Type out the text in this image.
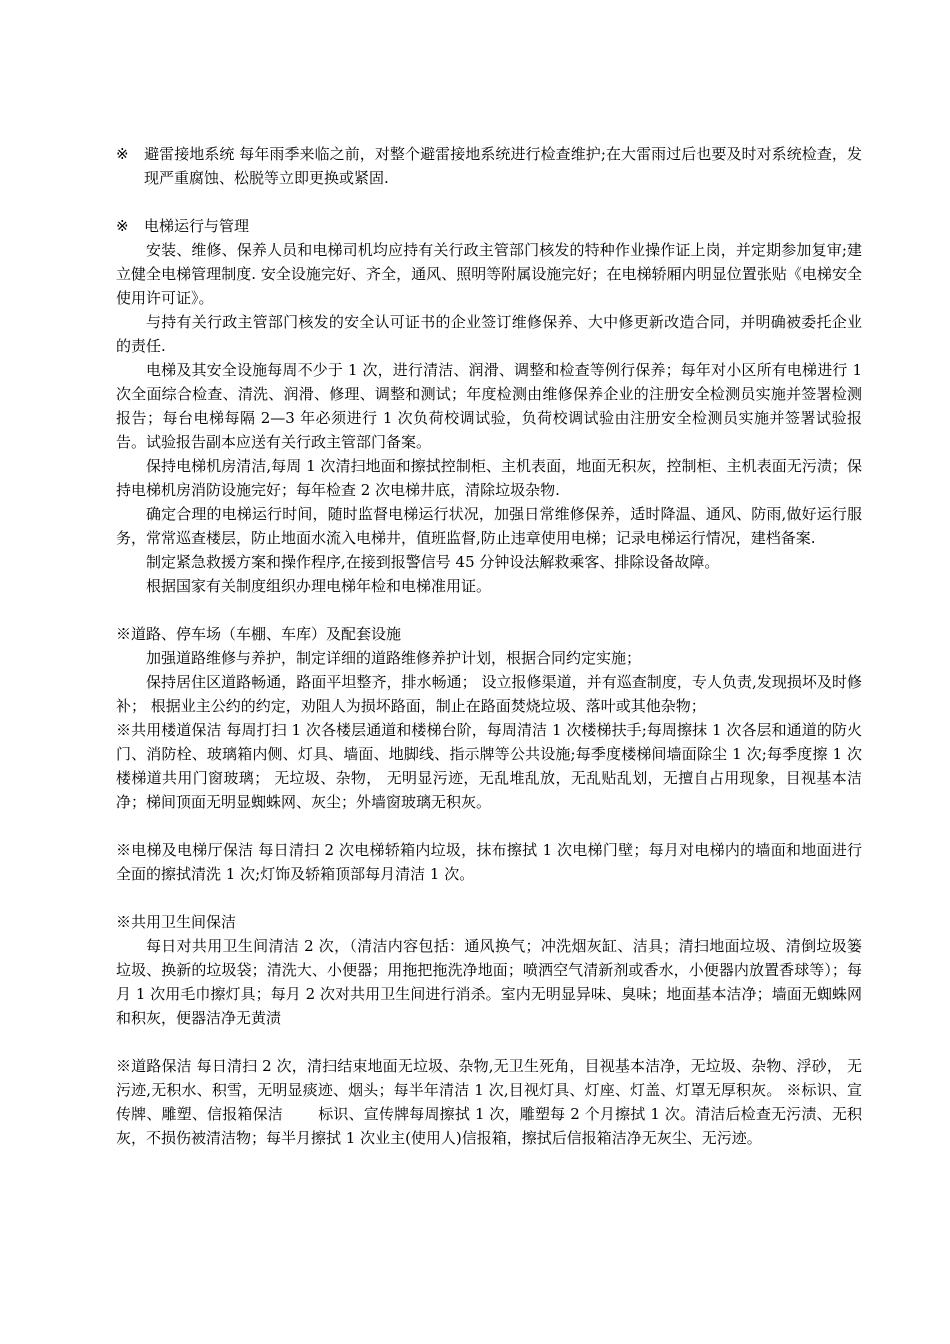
※ 避雷接地系统 每年雨季来临之前，对整个避雷接地系统进行检查维护;在大雷雨过后也要及时对系统检查，发现严重腐蚀、松脱等立即更换或紧固.

※ 电梯运行与管理

安装、维修、保养人员和电梯司机均应持有关行政主管部门核发的特种作业操作证上岗，并定期参加复审;建立健全电梯管理制度. 安全设施完好、齐全，通风、照明等附属设施完好；在电梯轿厢内明显位置张贴《电梯安全使用许可证》。

与持有关行政主管部门核发的安全认可证书的企业签订维修保养、大中修更新改造合同，并明确被委托企业的责任.

电梯及其安全设施每周不少于 1 次，进行清洁、润滑、调整和检查等例行保养；每年对小区所有电梯进行 1 次全面综合检查、清洗、润滑、修理、调整和测试；年度检测由维修保养企业的注册安全检测员实施并签署检测报告；每台电梯每隔 2—3 年必须进行 1 次负荷校调试验，负荷校调试验由注册安全检测员实施并签署试验报告。试验报告副本应送有关行政主管部门备案。

保持电梯机房清洁,每周 1 次清扫地面和擦拭控制柜、主机表面，地面无积灰，控制柜、主机表面无污渍；保持电梯机房消防设施完好；每年检查 2 次电梯井底，清除垃圾杂物.

确定合理的电梯运行时间，随时监督电梯运行状况，加强日常维修保养，适时降温、通风、防雨,做好运行服务，常常巡查楼层，防止地面水流入电梯井，值班监督,防止违章使用电梯；记录电梯运行情况，建档备案.

制定紧急救援方案和操作程序,在接到报警信号 45 分钟设法解救乘客、排除设备故障。

根据国家有关制度组织办理电梯年检和电梯准用证。

※道路、停车场（车棚、车库）及配套设施

加强道路维修与养护，制定详细的道路维修养护计划，根据合同约定实施；

保持居住区道路畅通，路面平坦整齐，排水畅通； 设立报修渠道，并有巡查制度，专人负责,发现损坏及时修补； 根据业主公约的约定，劝阻人为损坏路面，制止在路面焚烧垃圾、落叶或其他杂物；

※共用楼道保洁 每周打扫 1 次各楼层通道和楼梯台阶，每周清洁 1 次楼梯扶手;每周擦抹 1 次各层和通道的防火门、消防栓、玻璃箱内侧、灯具、墙面、地脚线、指示牌等公共设施;每季度楼梯间墙面除尘 1 次;每季度擦 1 次楼梯道共用门窗玻璃； 无垃圾、杂物， 无明显污迹，无乱堆乱放，无乱贴乱划，无擅自占用现象，目视基本洁净；梯间顶面无明显蜘蛛网、灰尘；外墙窗玻璃无积灰。

※电梯及电梯厅保洁 每日清扫 2 次电梯轿箱内垃圾，抹布擦拭 1 次电梯门壁；每月对电梯内的墙面和地面进行全面的擦拭清洗 1 次;灯饰及轿箱顶部每月清洁 1 次。

※共用卫生间保洁

每日对共用卫生间清洁 2 次，（清洁内容包括：通风换气；冲洗烟灰缸、洁具；清扫地面垃圾、清倒垃圾篓垃圾、换新的垃圾袋；清洗大、小便器；用拖把拖洗净地面；喷洒空气清新剂或香水，小便器内放置香球等）；每月 1 次用毛巾擦灯具；每月 2 次对共用卫生间进行消杀。室内无明显异味、臭味；地面基本洁净；墙面无蜘蛛网和积灰，便器洁净无黄渍

※道路保洁 每日清扫 2 次，清扫结束地面无垃圾、杂物,无卫生死角，目视基本洁净，无垃圾、杂物、浮砂， 无污迹,无积水、积雪，无明显痰迹、烟头；每半年清洁 1 次,目视灯具、灯座、灯盖、灯罩无厚积灰。 ※标识、宣传牌、雕塑、信报箱保洁　　 标识、宣传牌每周擦拭 1 次，雕塑每 2 个月擦拭 1 次。清洁后检查无污渍、无积灰，不损伤被清洁物；每半月擦拭 1 次业主(使用人)信报箱，擦拭后信报箱洁净无灰尘、无污迹。
